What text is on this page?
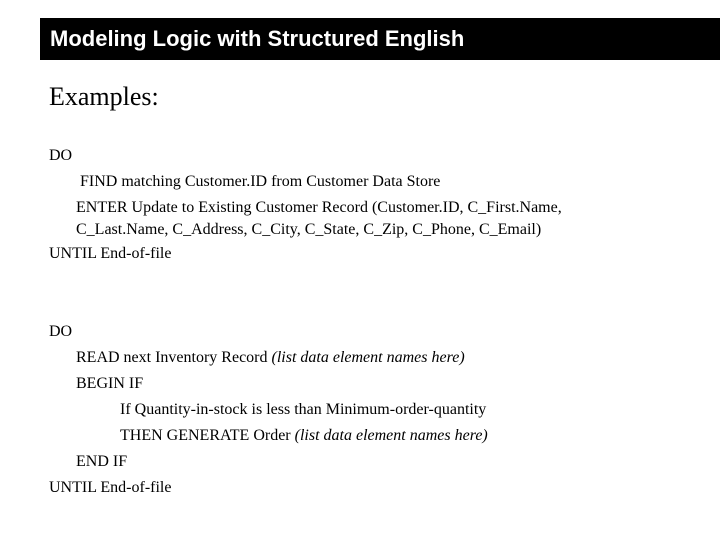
Modeling Logic with Structured English
Examples:
DO
FIND matching Customer.ID from Customer Data Store
ENTER Update to Existing Customer Record (Customer.ID, C_First.Name,
C_Last.Name, C_Address, C_City, C_State, C_Zip, C_Phone, C_Email)
UNTIL End-of-file
DO
READ next Inventory Record (list data element names here)
BEGIN IF
If Quantity-in-stock is less than Minimum-order-quantity
THEN GENERATE Order (list data element names here)
END IF
UNTIL End-of-file
